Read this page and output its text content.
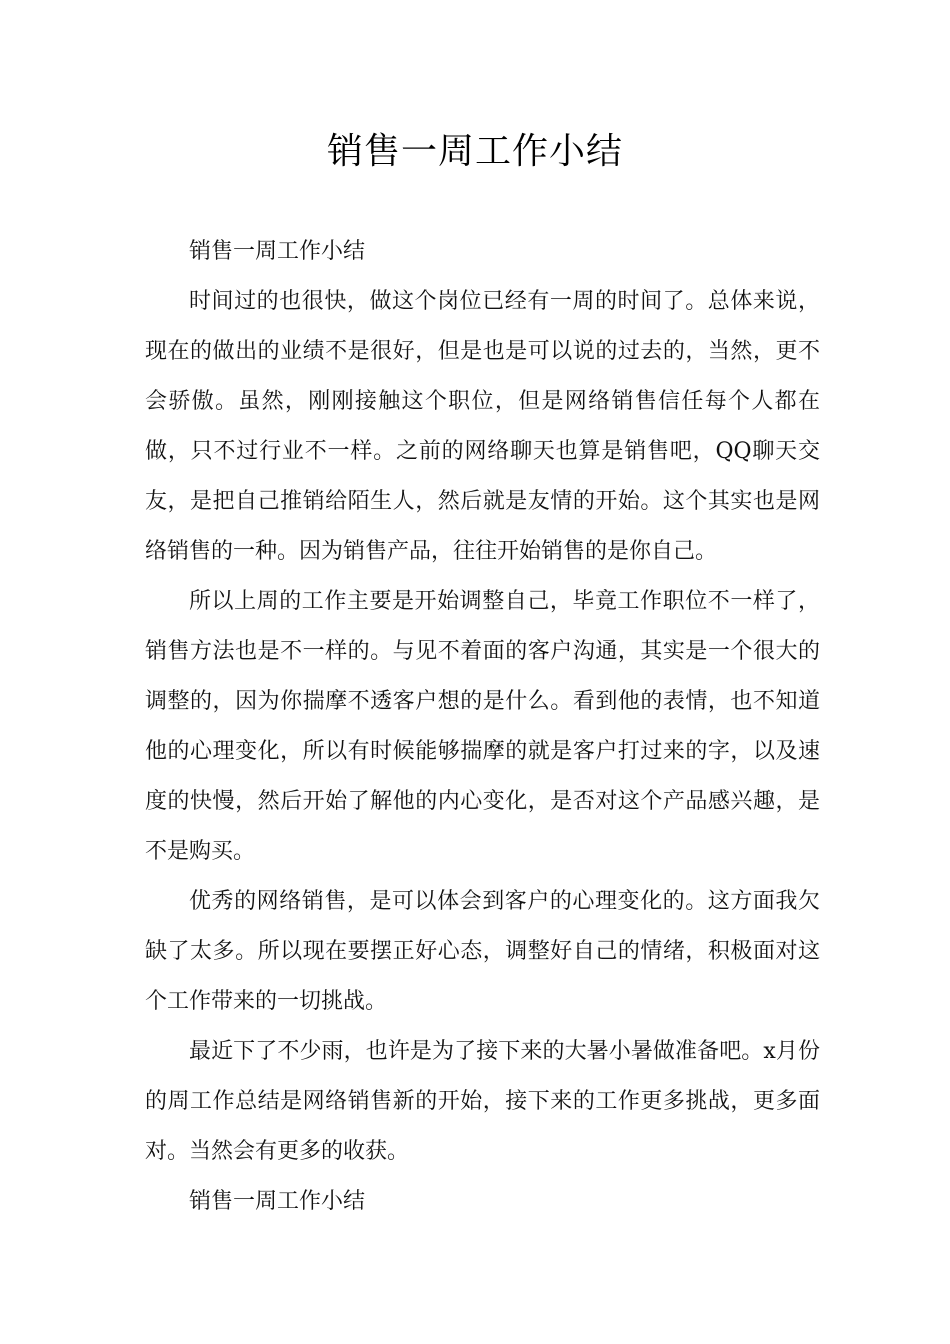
销售一周工作小结

销售一周工作小结

时间过的也很快，做这个岗位已经有一周的时间了。总体来说，现在的做出的业绩不是很好，但是也是可以说的过去的，当然，更不会骄傲。虽然，刚刚接触这个职位，但是网络销售信任每个人都在做，只不过行业不一样。之前的网络聊天也算是销售吧，QQ聊天交友，是把自己推销给陌生人，然后就是友情的开始。这个其实也是网络销售的一种。因为销售产品，往往开始销售的是你自己。

所以上周的工作主要是开始调整自己，毕竟工作职位不一样了，销售方法也是不一样的。与见不着面的客户沟通，其实是一个很大的调整的，因为你揣摩不透客户想的是什么。看到他的表情，也不知道他的心理变化，所以有时候能够揣摩的就是客户打过来的字，以及速度的快慢，然后开始了解他的内心变化，是否对这个产品感兴趣，是不是购买。

优秀的网络销售，是可以体会到客户的心理变化的。这方面我欠缺了太多。所以现在要摆正好心态，调整好自己的情绪，积极面对这个工作带来的一切挑战。

最近下了不少雨，也许是为了接下来的大暑小暑做准备吧。x月份的周工作总结是网络销售新的开始，接下来的工作更多挑战，更多面对。当然会有更多的收获。

销售一周工作小结
